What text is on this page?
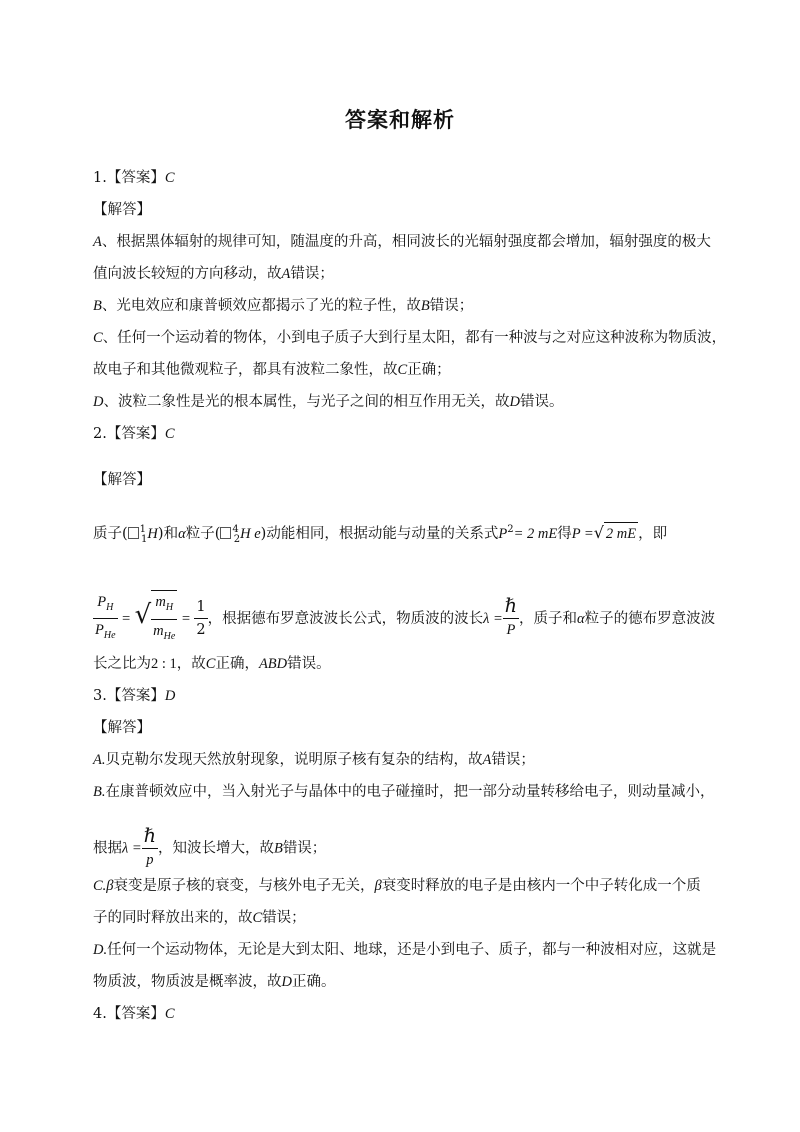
答案和解析
1.【答案】C
【解答】
A、根据黑体辐射的规律可知，随温度的升高，相同波长的光辐射强度都会增加，辐射强度的极大
值向波长较短的方向移动，故A错误；
B、光电效应和康普顿效应都揭示了光的粒子性，故B错误；
C、任何一个运动着的物体，小到电子质子大到行星太阳，都有一种波与之对应这种波称为物质波，
故电子和其他微观粒子，都具有波粒二象性，故C正确；
D、波粒二象性是光的根本属性，与光子之间的相互作用无关，故D错误。
2.【答案】C
【解答】
质子( $^1_1$H)和α粒子( $^4_2$H e)动能相同，根据动能与动量的关系式$P^2= 2$ mE得P =√ 2 mE ，即
$\frac{P_H}{P_{He}}$ = √ $\frac{m_H}{m_{He}} = \frac{1}{2}$ ，根据德布罗意波波长公式，物质波的波长$\lambda = \frac{\text{ℏ}}{P}$ ，质子和α粒子的德布罗意波波
长之比为2 : 1，故C正确，ABD错误。
3.【答案】D
【解答】
A.贝克勒尔发现天然放射现象，说明原子核有复杂的结构，故A错误；
B.在康普顿效应中，当入射光子与晶体中的电子碰撞时，把一部分动量转移给电子，则动量减小，
根据$\lambda = \frac{\text{ℏ}}{p}$ ，知波长增大，故B错误；
C.β衰变是原子核的衰变，与核外电子无关，β衰变时释放的电子是由核内一个中子转化成一个质
子的同时释放出来的，故C错误；
D.任何一个运动物体，无论是大到太阳、地球，还是小到电子、质子，都与一种波相对应，这就是
物质波，物质波是概率波，故D正确。
4.【答案】C
